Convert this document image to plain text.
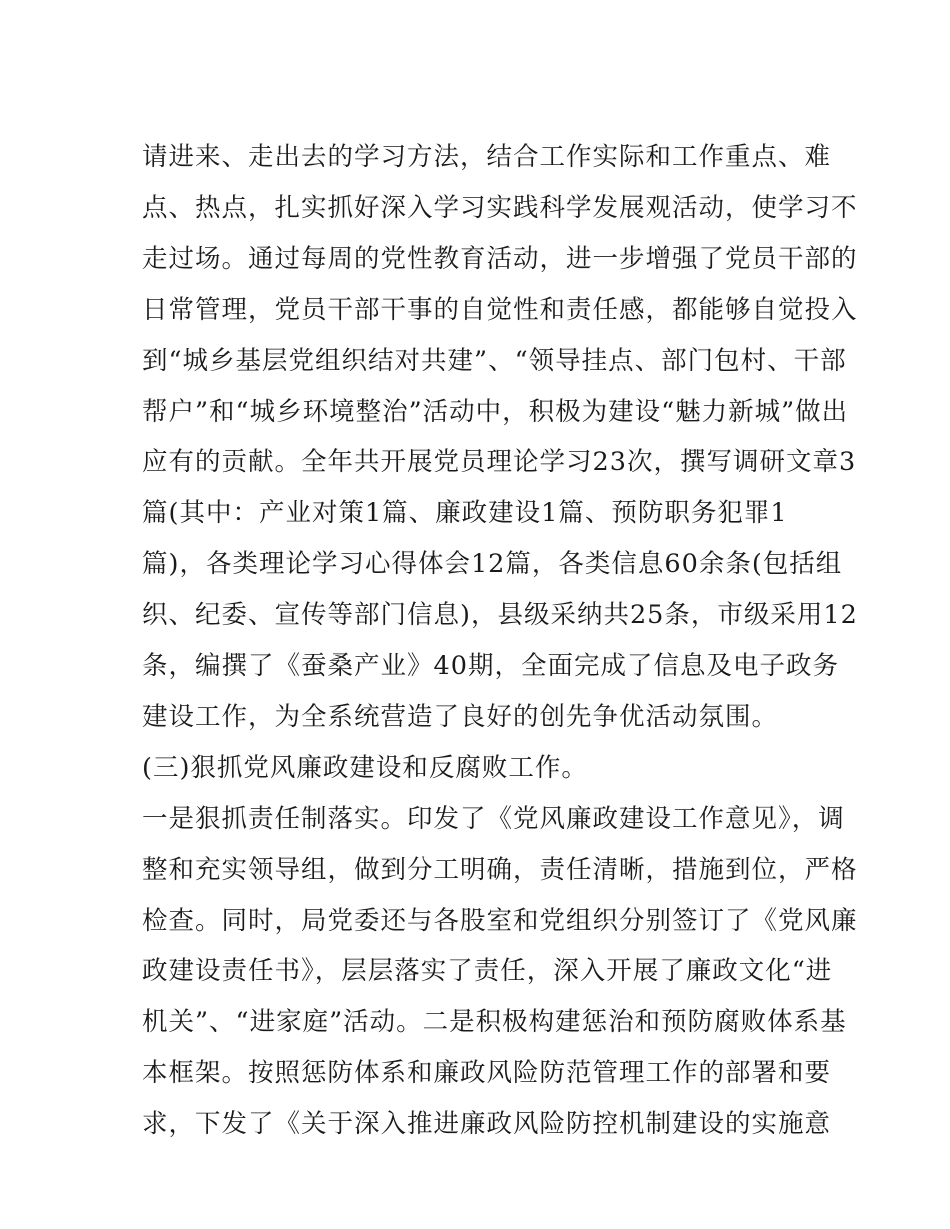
请进来、走出去的学习方法，结合工作实际和工作重点、难
点、热点，扎实抓好深入学习实践科学发展观活动，使学习不
走过场。通过每周的党性教育活动，进一步增强了党员干部的
日常管理，党员干部干事的自觉性和责任感，都能够自觉投入
到“城乡基层党组织结对共建”、“领导挂点、部门包村、干部
帮户”和“城乡环境整治”活动中，积极为建设“魅力新城”做出
应有的贡献。全年共开展党员理论学习23次，撰写调研文章3
篇(其中：产业对策1篇、廉政建设1篇、预防职务犯罪1
篇)，各类理论学习心得体会12篇，各类信息60余条(包括组
织、纪委、宣传等部门信息)，县级采纳共25条，市级采用12
条，编撰了《蚕桑产业》40期，全面完成了信息及电子政务
建设工作，为全系统营造了良好的创先争优活动氛围。
(三)狠抓党风廉政建设和反腐败工作。
一是狠抓责任制落实。印发了《党风廉政建设工作意见》，调
整和充实领导组，做到分工明确，责任清晰，措施到位，严格
检查。同时，局党委还与各股室和党组织分别签订了《党风廉
政建设责任书》，层层落实了责任，深入开展了廉政文化“进
机关”、“进家庭”活动。二是积极构建惩治和预防腐败体系基
本框架。按照惩防体系和廉政风险防范管理工作的部署和要
求，下发了《关于深入推进廉政风险防控机制建设的实施意
